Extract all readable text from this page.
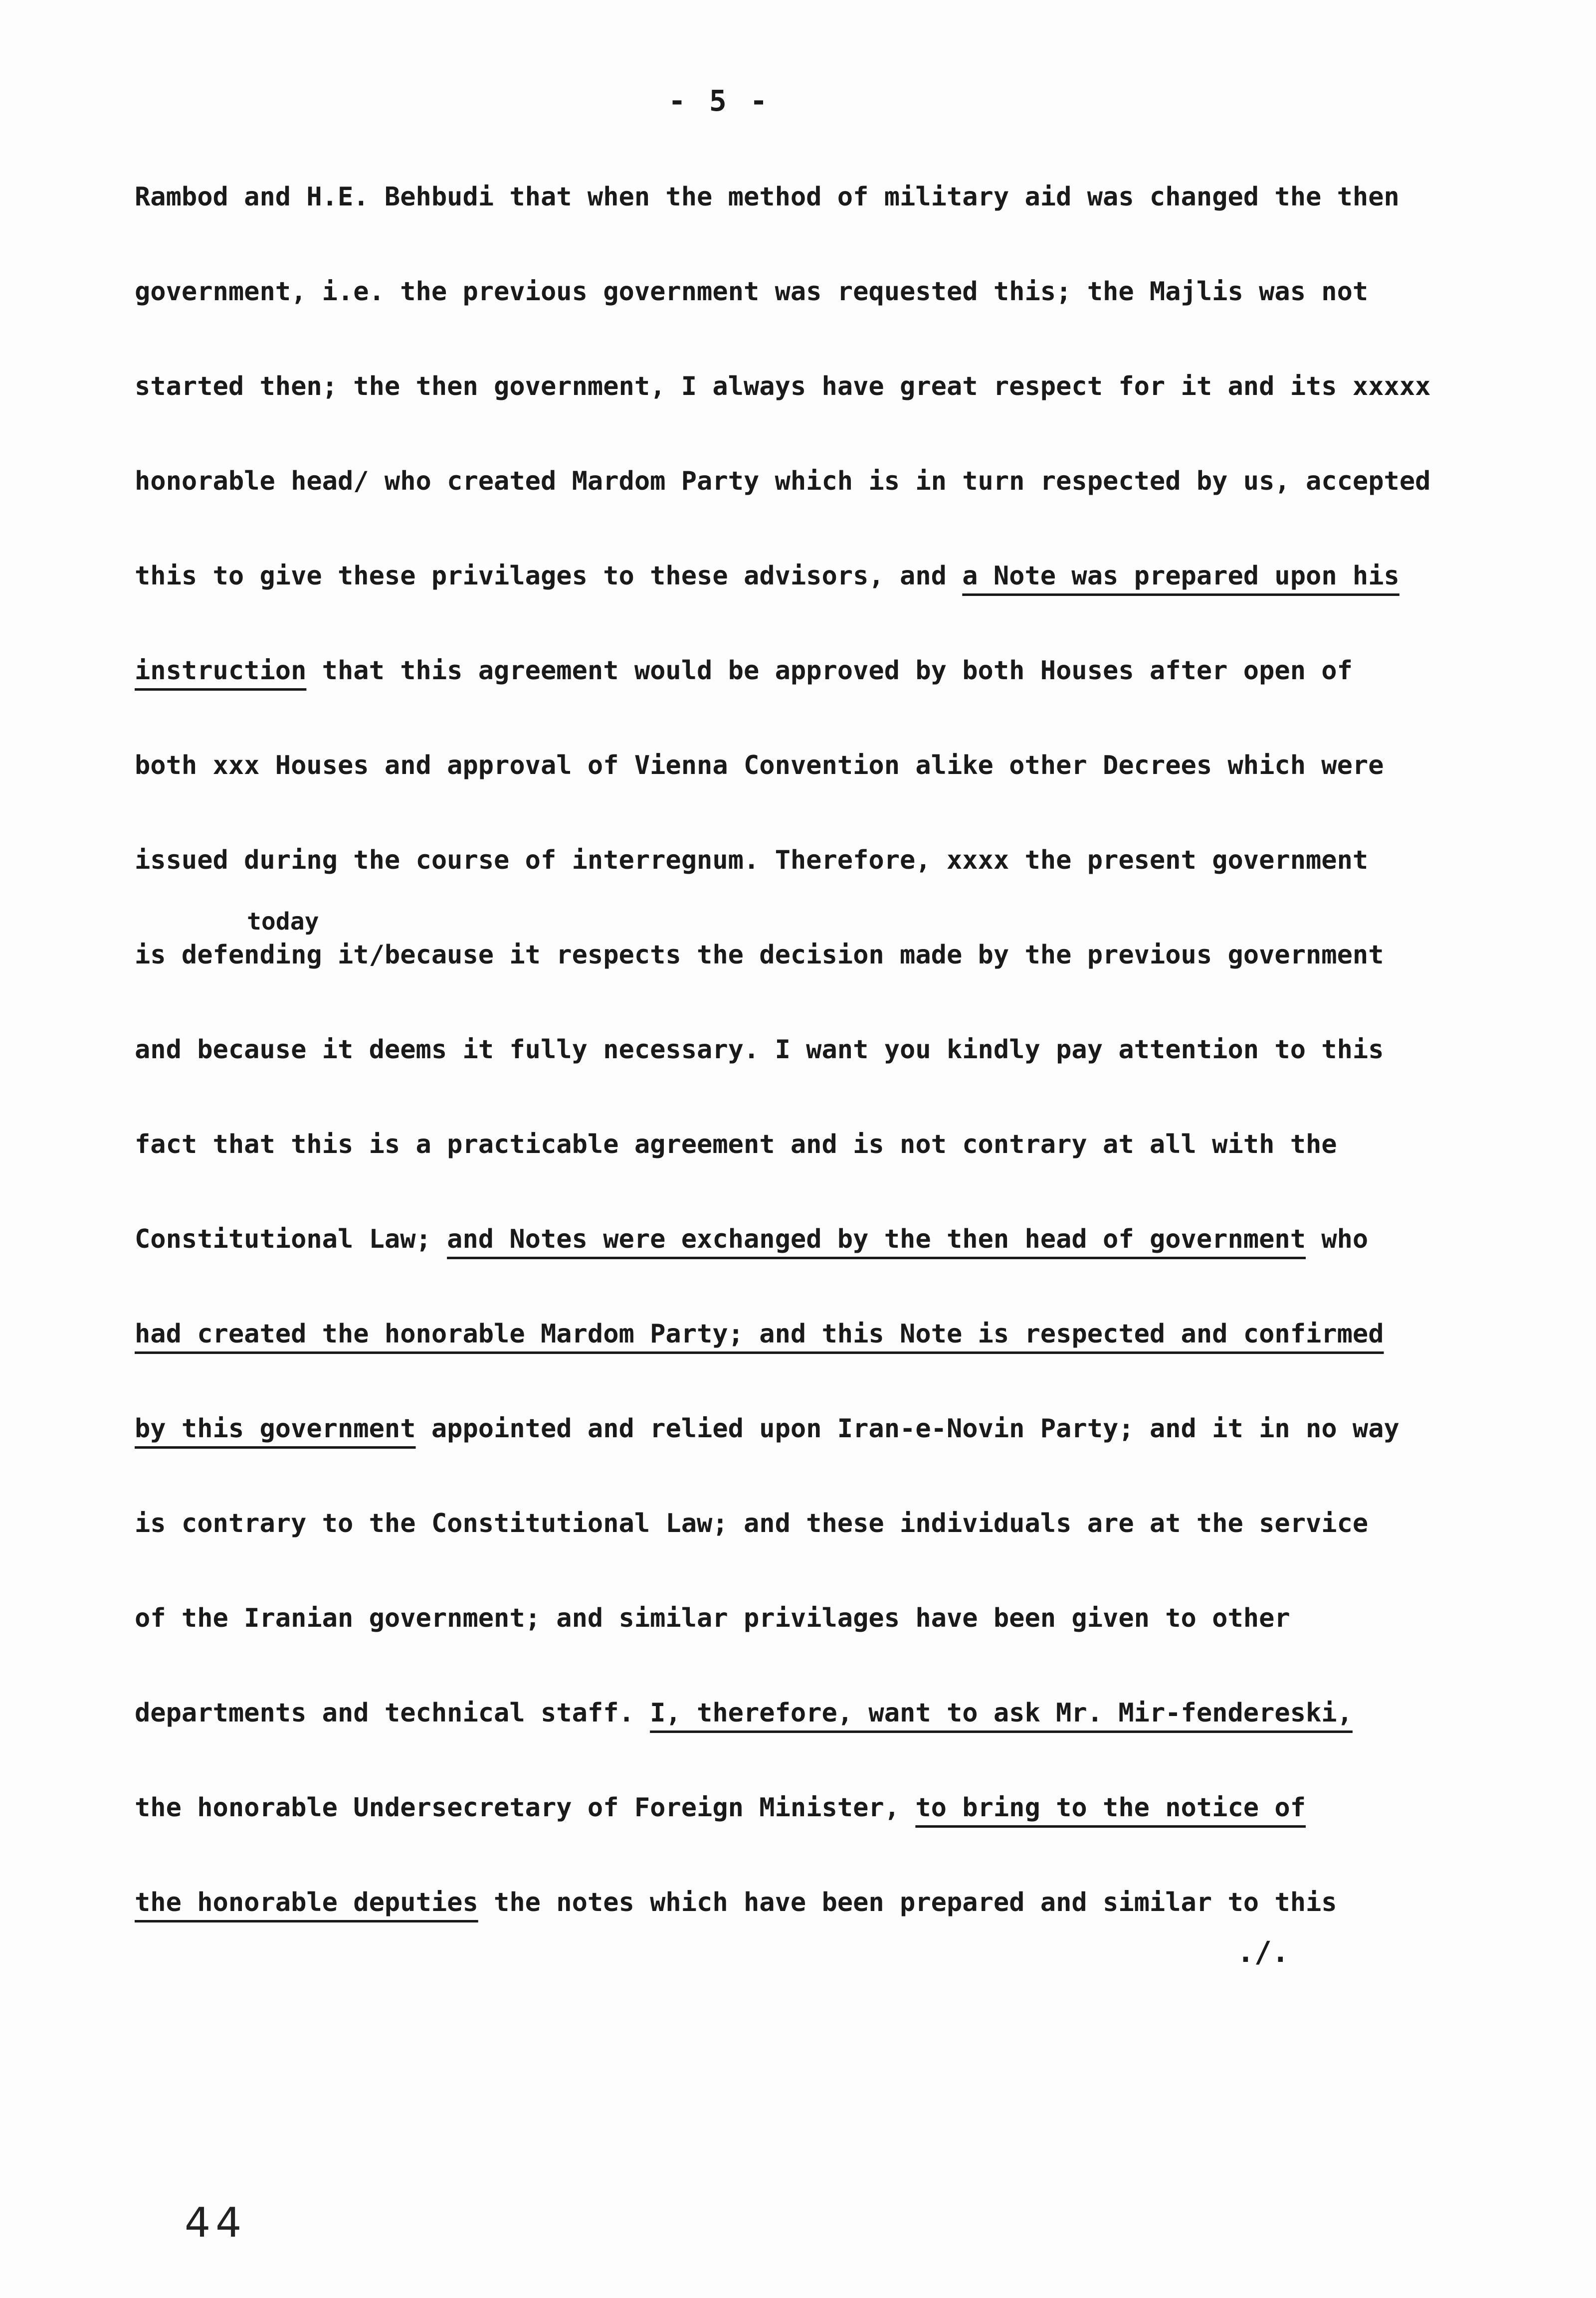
- 5 -
today
Rambod and H.E. Behbudi that when the method of military aid was changed the then
government, i.e. the previous government was requested this; the Majlis was not
started then; the then government, I always have great respect for it and its xxxxx
honorable head/ who created Mardom Party which is in turn respected by us, accepted
this to give these privilages to these advisors, and a Note was prepared upon his
instruction that this agreement would be approved by both Houses after open of
both xxx Houses and approval of Vienna Convention alike other Decrees which were
issued during the course of interregnum. Therefore, xxxx the present government
is defending it/because it respects the decision made by the previous government
and because it deems it fully necessary. I want you kindly pay attention to this
fact that this is a practicable agreement and is not contrary at all with the
Constitutional Law; and Notes were exchanged by the then head of government who
had created the honorable Mardom Party; and this Note is respected and confirmed
by this government appointed and relied upon Iran-e-Novin Party; and it in no way
is contrary to the Constitutional Law; and these individuals are at the service
of the Iranian government; and similar privilages have been given to other
departments and technical staff. I, therefore, want to ask Mr. Mir-fendereski,
the honorable Undersecretary of Foreign Minister, to bring to the notice of
the honorable deputies the notes which have been prepared and similar to this
./.
44
